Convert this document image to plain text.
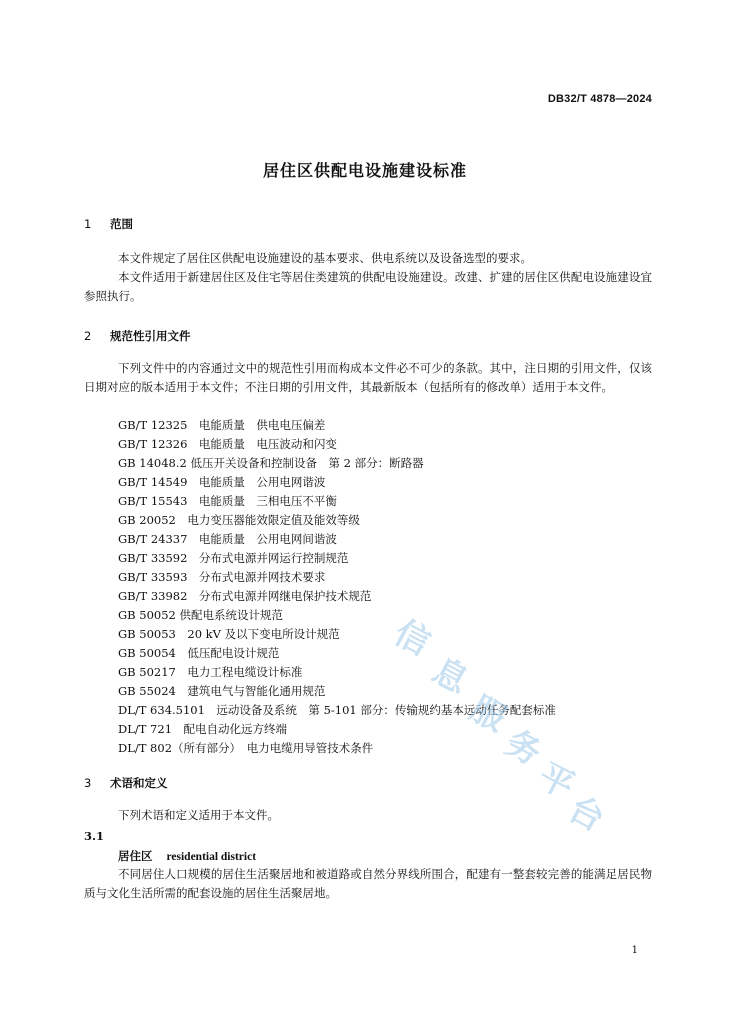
DB32/T 4878—2024
居住区供配电设施建设标准
1 范围
本文件规定了居住区供配电设施建设的基本要求、供电系统以及设备选型的要求。
本文件适用于新建居住区及住宅等居住类建筑的供配电设施建设。改建、扩建的居住区供配电设施建设宜参照执行。
2 规范性引用文件
下列文件中的内容通过文中的规范性引用而构成本文件必不可少的条款。其中，注日期的引用文件，仅该日期对应的版本适用于本文件；不注日期的引用文件，其最新版本（包括所有的修改单）适用于本文件。
GB/T 12325　电能质量　供电电压偏差
GB/T 12326　电能质量　电压波动和闪变
GB 14048.2 低压开关设备和控制设备　第 2 部分：断路器
GB/T 14549　电能质量　公用电网谐波
GB/T 15543　电能质量　三相电压不平衡
GB 20052　电力变压器能效限定值及能效等级
GB/T 24337　电能质量　公用电网间谐波
GB/T 33592　分布式电源并网运行控制规范
GB/T 33593　分布式电源并网技术要求
GB/T 33982　分布式电源并网继电保护技术规范
GB 50052 供配电系统设计规范
GB 50053　20 kV 及以下变电所设计规范
GB 50054　低压配电设计规范
GB 50217　电力工程电缆设计标准
GB 55024　建筑电气与智能化通用规范
DL/T 634.5101　远动设备及系统　第 5-101 部分：传输规约基本远动任务配套标准
DL/T 721　配电自动化远方终端
DL/T 802（所有部分）　电力电缆用导管技术条件
3 术语和定义
下列术语和定义适用于本文件。
3.1
居住区 residential district
不同居住人口规模的居住生活聚居地和被道路或自然分界线所围合，配建有一整套较完善的能满足居民物质与文化生活所需的配套设施的居住生活聚居地。
信
息
服
务
平
台
1
